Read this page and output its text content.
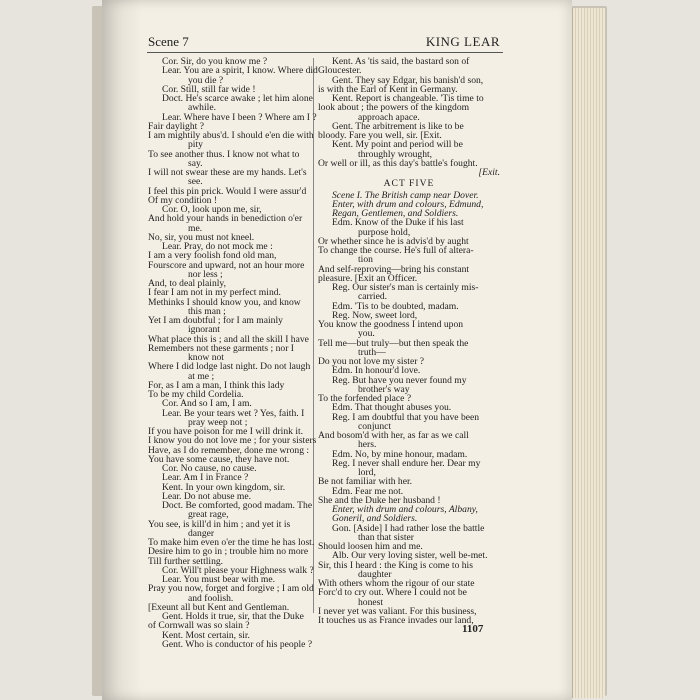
Scene 7	KING LEAR
Cor. Sir, do you know me ?
Lear. You are a spirit, I know. Where did
you die ?
Cor. Still, still far wide !
Doct. He's scarce awake ; let him alone
awhile.
Lear. Where have I been ? Where am I ?
Fair daylight ?
I am mightily abus'd. I should e'en die with
pity
To see another thus. I know not what to
say.
I will not swear these are my hands. Let's
see.
I feel this pin prick. Would I were assur'd
Of my condition !
Cor. O, look upon me, sir,
And hold your hands in benediction o'er
me.
No, sir, you must not kneel.
Lear. Pray, do not mock me :
I am a very foolish fond old man,
Fourscore and upward, not an hour more
nor less ;
And, to deal plainly,
I fear I am not in my perfect mind.
Methinks I should know you, and know
this man ;
Yet I am doubtful ; for I am mainly
ignorant
What place this is ; and all the skill I have
Remembers not these garments ; nor I
know not
Where I did lodge last night. Do not laugh
at me ;
For, as I am a man, I think this lady
To be my child Cordelia.
Cor. And so I am, I am.
Lear. Be your tears wet ? Yes, faith. I
pray weep not ;
If you have poison for me I will drink it.
I know you do not love me ; for your sisters
Have, as I do remember, done me wrong :
You have some cause, they have not.
Cor. No cause, no cause.
Lear. Am I in France ?
Kent. In your own kingdom, sir.
Lear. Do not abuse me.
Doct. Be comforted, good madam. The
great rage,
You see, is kill'd in him ; and yet it is
danger
To make him even o'er the time he has lost.
Desire him to go in ; trouble him no more
Till further settling.
Cor. Will't please your Highness walk ?
Lear. You must bear with me.
Pray you now, forget and forgive ; I am old
and foolish.
[Exeunt all but Kent and Gentleman.
Gent. Holds it true, sir, that the Duke
of Cornwall was so slain ?
Kent. Most certain, sir.
Gent. Who is conductor of his people ?
Kent. As 'tis said, the bastard son of
Gloucester.
Gent. They say Edgar, his banish'd son,
is with the Earl of Kent in Germany.
Kent. Report is changeable. 'Tis time to
look about ; the powers of the kingdom
approach apace.
Gent. The arbitrement is like to be
bloody. Fare you well, sir. [Exit.
Kent. My point and period will be
throughly wrought,
Or well or ill, as this day's battle's fought.
[Exit.
ACT FIVE
Scene I. The British camp near Dover.
Enter, with drum and colours, Edmund,
Regan, Gentlemen, and Soldiers.
Edm. Know of the Duke if his last
purpose hold,
Or whether since he is advis'd by aught
To change the course. He's full of altera-
tion
And self-reproving—bring his constant
pleasure. [Exit an Officer.
Reg. Our sister's man is certainly mis-
carried.
Edm. 'Tis to be doubted, madam.
Reg. Now, sweet lord,
You know the goodness I intend upon
you.
Tell me—but truly—but then speak the
truth—
Do you not love my sister ?
Edm. In honour'd love.
Reg. But have you never found my
brother's way
To the forfended place ?
Edm. That thought abuses you.
Reg. I am doubtful that you have been
conjunct
And bosom'd with her, as far as we call
hers.
Edm. No, by mine honour, madam.
Reg. I never shall endure her. Dear my
lord,
Be not familiar with her.
Edm. Fear me not.
She and the Duke her husband !
Enter, with drum and colours, Albany,
Goneril, and Soldiers.
Gon. [Aside] I had rather lose the battle
than that sister
Should loosen him and me.
Alb. Our very loving sister, well be-met.
Sir, this I heard : the King is come to his
daughter
With others whom the rigour of our state
Forc'd to cry out. Where I could not be
honest
I never yet was valiant. For this business,
It touches us as France invades our land,
1107
